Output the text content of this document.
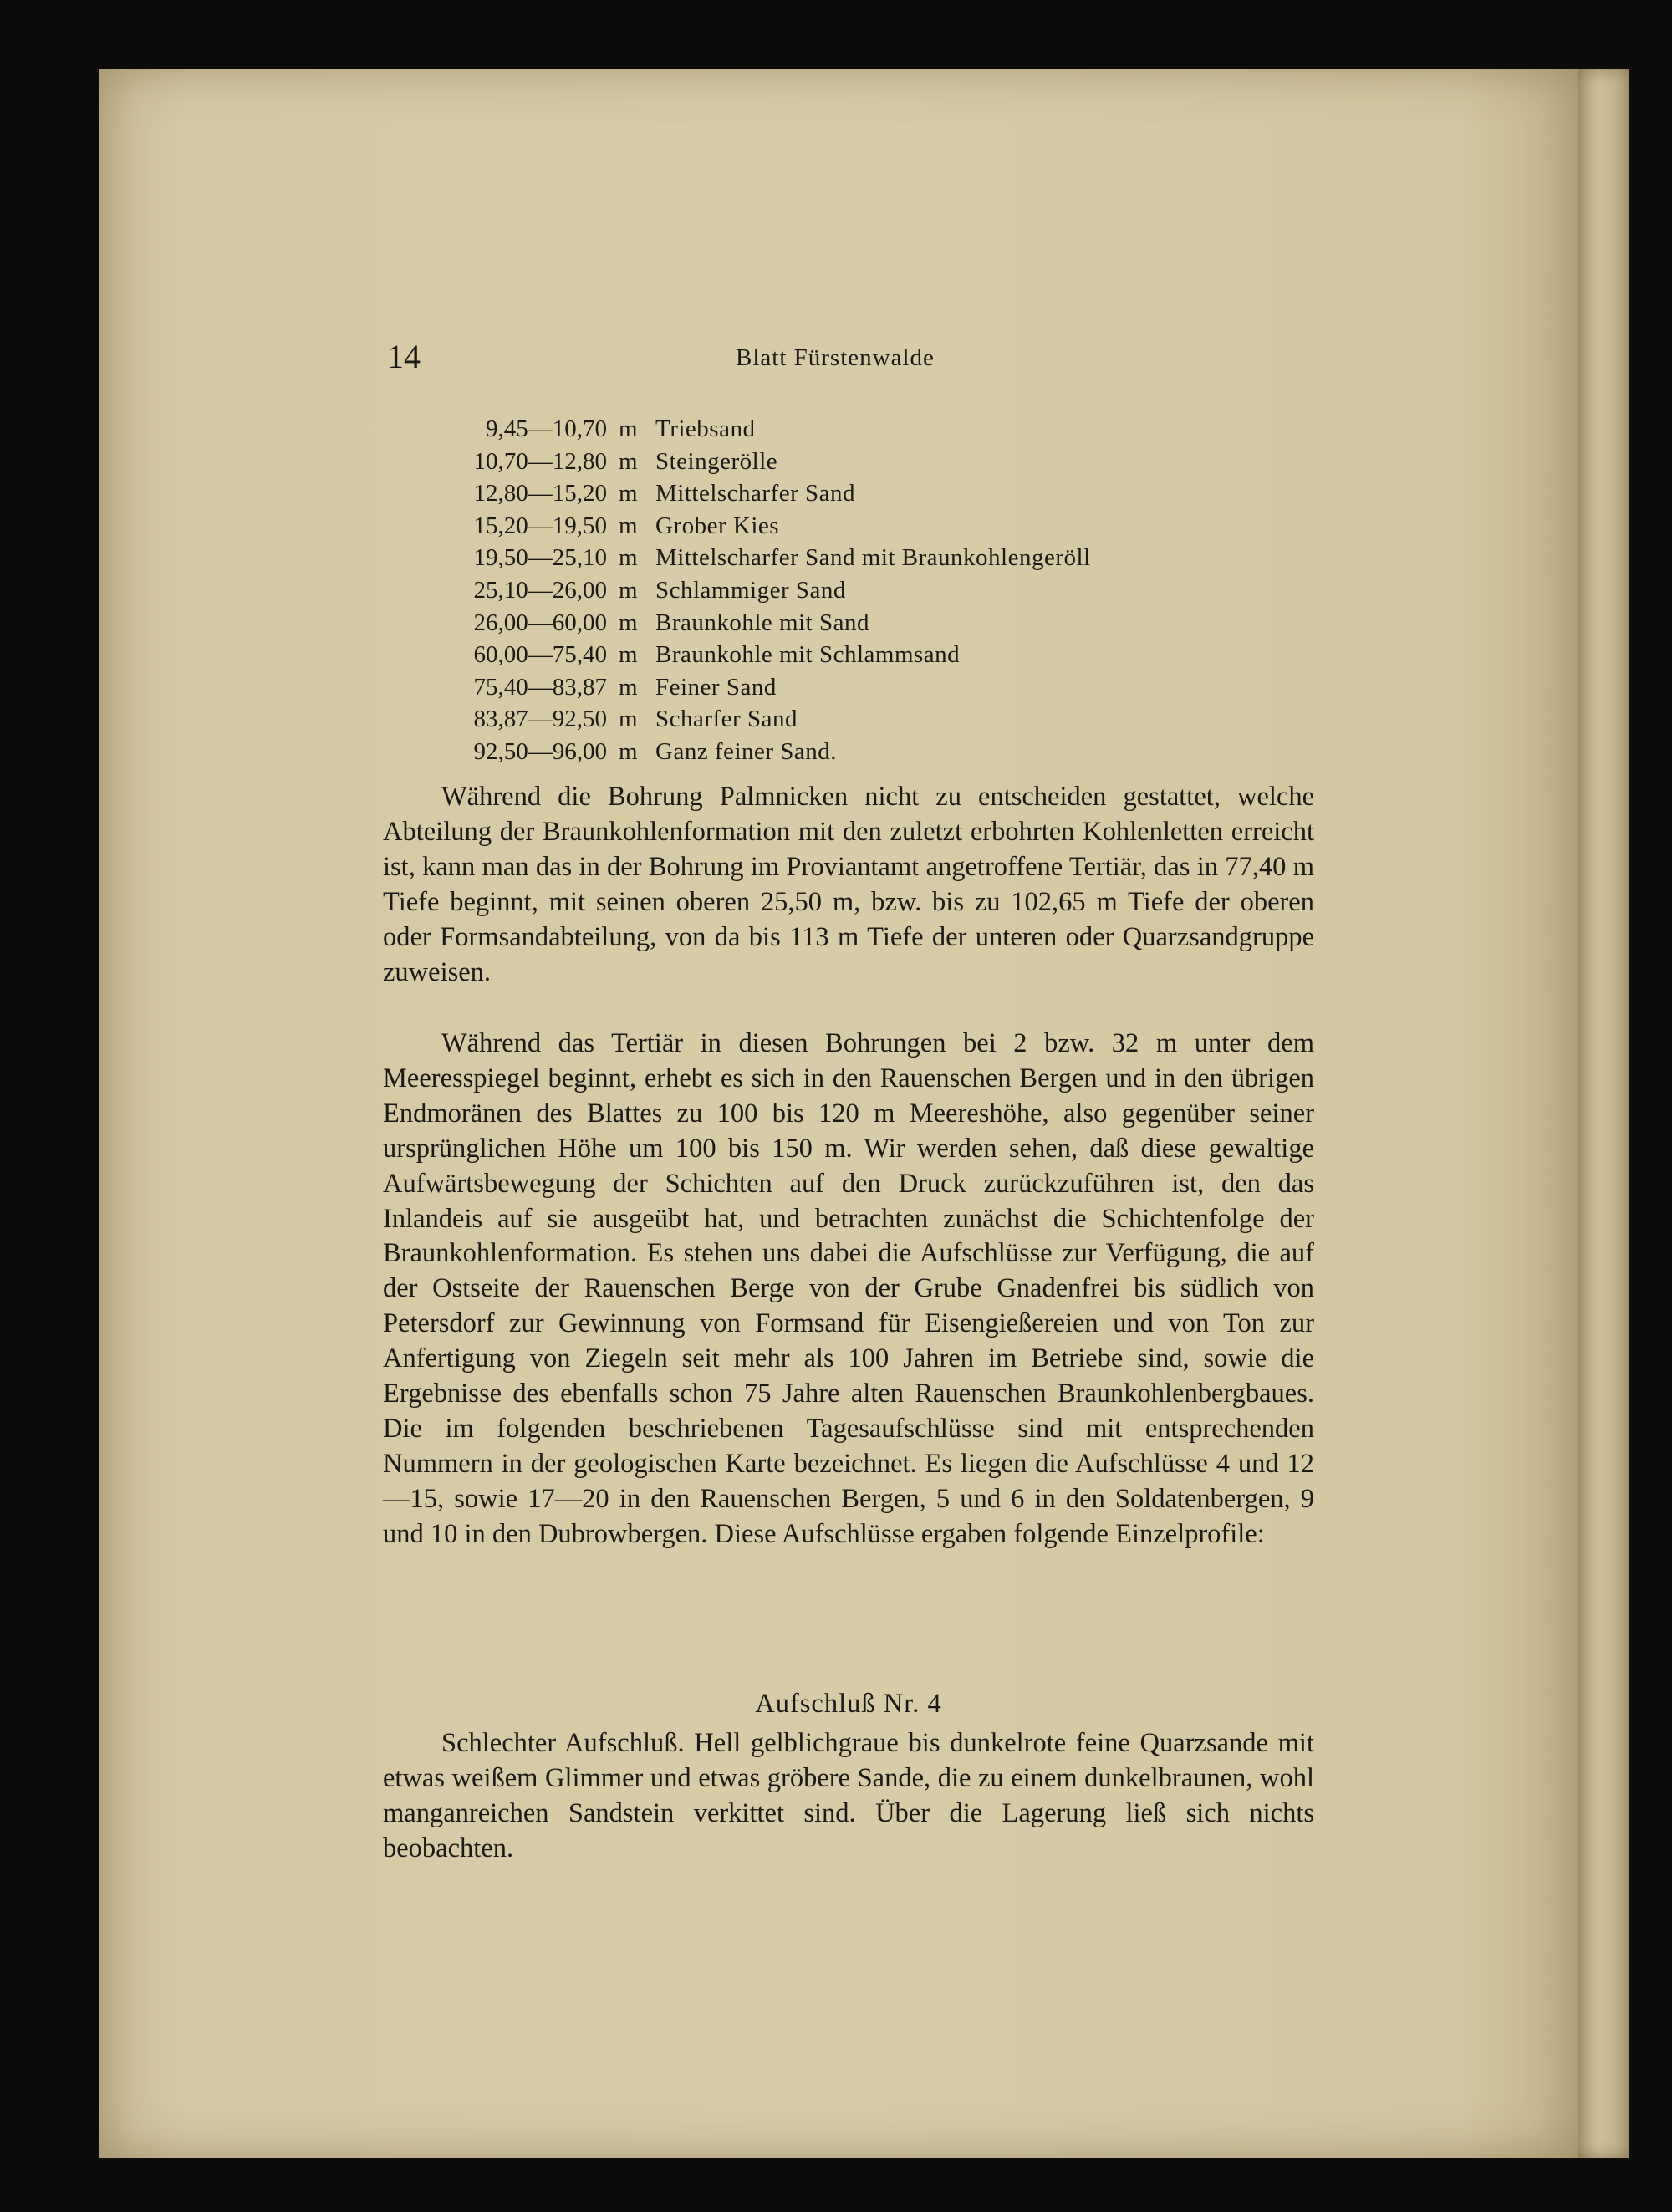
14	Blatt Fürstenwalde
9,45—10,70	m	Triebsand
10,70—12,80	m	Steingerölle
12,80—15,20	m	Mittelscharfer Sand
15,20—19,50	m	Grober Kies
19,50—25,10	m	Mittelscharfer Sand mit Braunkohlengeröll
25,10—26,00	m	Schlammiger Sand
26,00—60,00	m	Braunkohle mit Sand
60,00—75,40	m	Braunkohle mit Schlammsand
75,40—83,87	m	Feiner Sand
83,87—92,50	m	Scharfer Sand
92,50—96,00	m	Ganz feiner Sand.

Während die Bohrung Palmnicken nicht zu entscheiden gestattet, welche Abteilung der Braunkohlenformation mit den zuletzt erbohrten Kohlenletten erreicht ist, kann man das in der Bohrung im Proviantamt angetroffene Tertiär, das in 77,40 m Tiefe beginnt, mit seinen oberen 25,50 m, bzw. bis zu 102,65 m Tiefe der oberen oder Formsandabteilung, von da bis 113 m Tiefe der unteren oder Quarzsandgruppe zuweisen.

Während das Tertiär in diesen Bohrungen bei 2 bzw. 32 m unter dem Meeresspiegel beginnt, erhebt es sich in den Rauenschen Bergen und in den übrigen Endmoränen des Blattes zu 100 bis 120 m Meereshöhe, also gegenüber seiner ursprünglichen Höhe um 100 bis 150 m. Wir werden sehen, daß diese gewaltige Aufwärtsbewegung der Schichten auf den Druck zurückzuführen ist, den das Inlandeis auf sie ausgeübt hat, und betrachten zunächst die Schichtenfolge der Braunkohlenformation. Es stehen uns dabei die Aufschlüsse zur Verfügung, die auf der Ostseite der Rauenschen Berge von der Grube Gnadenfrei bis südlich von Petersdorf zur Gewinnung von Formsand für Eisengießereien und von Ton zur Anfertigung von Ziegeln seit mehr als 100 Jahren im Betriebe sind, sowie die Ergebnisse des ebenfalls schon 75 Jahre alten Rauenschen Braunkohlenbergbaues. Die im folgenden beschriebenen Tagesaufschlüsse sind mit entsprechenden Nummern in der geologischen Karte bezeichnet. Es liegen die Aufschlüsse 4 und 12—15, sowie 17—20 in den Rauenschen Bergen, 5 und 6 in den Soldatenbergen, 9 und 10 in den Dubrowbergen. Diese Aufschlüsse ergaben folgende Einzelprofile:

Aufschluß Nr. 4

Schlechter Aufschluß. Hell gelblichgraue bis dunkelrote feine Quarzsande mit etwas weißem Glimmer und etwas gröbere Sande, die zu einem dunkelbraunen, wohl manganreichen Sandstein verkittet sind. Über die Lagerung ließ sich nichts beobachten.
